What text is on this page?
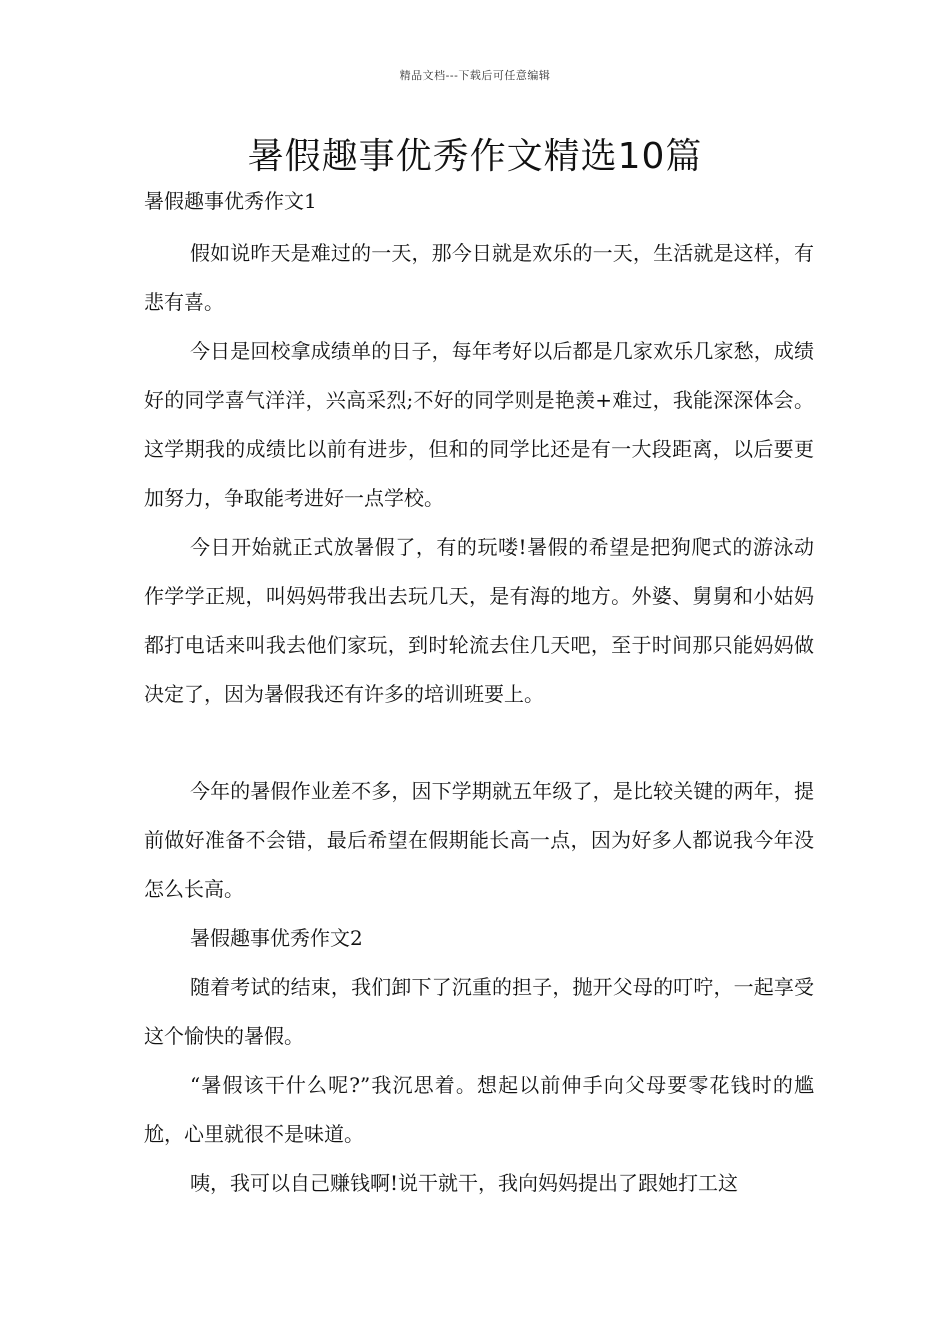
精品文档---下载后可任意编辑
暑假趣事优秀作文精选10篇
暑假趣事优秀作文1

假如说昨天是难过的一天，那今日就是欢乐的一天，生活就是这样，有悲有喜。

今日是回校拿成绩单的日子，每年考好以后都是几家欢乐几家愁，成绩好的同学喜气洋洋，兴高采烈;不好的同学则是艳羡+难过，我能深深体会。这学期我的成绩比以前有进步，但和的同学比还是有一大段距离，以后要更加努力，争取能考进好一点学校。

今日开始就正式放暑假了，有的玩喽!暑假的希望是把狗爬式的游泳动作学学正规，叫妈妈带我出去玩几天，是有海的地方。外婆、舅舅和小姑妈都打电话来叫我去他们家玩，到时轮流去住几天吧，至于时间那只能妈妈做决定了，因为暑假我还有许多的培训班要上。

今年的暑假作业差不多，因下学期就五年级了，是比较关键的两年，提前做好准备不会错，最后希望在假期能长高一点，因为好多人都说我今年没怎么长高。

暑假趣事优秀作文2

随着考试的结束，我们卸下了沉重的担子，抛开父母的叮咛，一起享受这个愉快的暑假。

“暑假该干什么呢?”我沉思着。想起以前伸手向父母要零花钱时的尴尬，心里就很不是味道。

咦，我可以自己赚钱啊!说干就干，我向妈妈提出了跟她打工这
